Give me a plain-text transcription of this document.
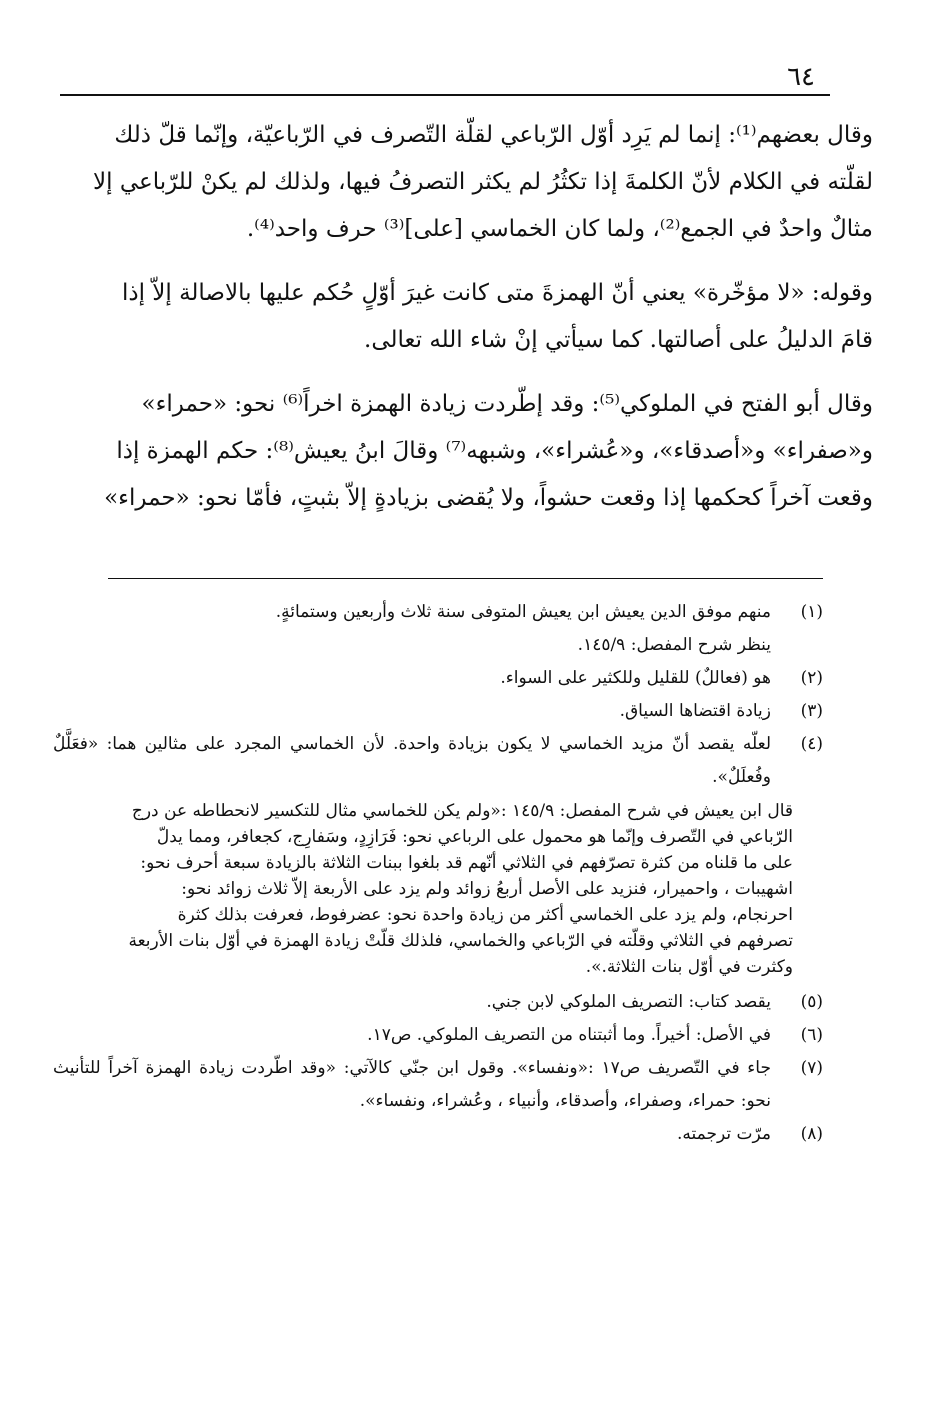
٦٤

وقال بعضهم⁽¹⁾: إنما لم يَرِد أوّل الرّباعي لقلّة التّصرف في الرّباعيّة، وإنّما قلّ ذلك
لقلّته في الكلام لأنّ الكلمةَ إذا تكثُرُ لم يكثر التصرفُ فيها، ولذلك لم يكنْ للرّباعي إلا
مثالٌ واحدٌ في الجمع⁽²⁾، ولما كان الخماسي [على]⁽³⁾ حرف واحد⁽⁴⁾.

وقوله: «لا مؤخّرة» يعني أنّ الهمزةَ متى كانت غيرَ أوّلٍ حُكم عليها بالاصالة إلاّ إذا
قامَ الدليلُ على أصالتها. كما سيأتي إنْ شاء الله تعالى.

وقال أبو الفتح في الملوكي⁽⁵⁾: وقد إطّردت زيادة الهمزة اخراً⁽⁶⁾ نحو: «حمراء»
و«صفراء» و«أصدقاء»، و«عُشراء»، وشبهه⁽⁷⁾ وقالَ ابنُ يعيش⁽⁸⁾: حكم الهمزة إذا
وقعت آخراً كحكمها إذا وقعت حشواً، ولا يُقضى بزيادةٍ إلاّ بثبتٍ، فأمّا نحو: «حمراء»

(١)
منهم موفق الدين يعيش ابن يعيش المتوفى سنة ثلاث وأربعين وستمائةٍ.
ينظر شرح المفصل: ١٤٥/٩.
(٢)
هو (فعاللٌ) للقليل وللكثير على السواء.
(٣)
زيادة اقتضاها السياق.
(٤)
لعلّه يقصد أنّ مزيد الخماسي لا يكون بزيادة واحدة. لأن الخماسي المجرد على مثالين هما: «فعَلَّلٌ وفُعلَلٌ».
قال ابن يعيش في شرح المفصل: ١٤٥/٩ :«ولم يكن للخماسي مثال للتكسير لانحطاطه عن درج
الرّباعي في التّصرف وإنّما هو محمول على الرباعي نحو: فَرَازِدٍ، وسَفارِج، كجعافر، ومما يدلّ
على ما قلناه من كثرة تصرّفهم في الثلاثي أنّهم قد بلغوا ببنات الثلاثة بالزيادة سبعة أحرف نحو:
اشهيبات ، واحميرار، فنزيد على الأصل أربعُ زوائد ولم يزد على الأربعة إلاّ ثلاث زوائد نحو:
احرنجام، ولم يزد على الخماسي أكثر من زيادة واحدة نحو: عضرفوط، فعرفت بذلك كثرة
تصرفهم في الثلاثي وقلّته في الرّباعي والخماسي، فلذلك قلّتْ زيادة الهمزة في أوّل بنات الأربعة
وكثرت في أوّل بنات الثلاثة.».
(٥)
يقصد كتاب: التصريف الملوكي لابن جني.
(٦)
في الأصل: أخيراً. وما أثبتناه من التصريف الملوكي. ص١٧.
(٧)
جاء في التّصريف ص١٧ :«ونفساء». وقول ابن جنّي كالآتي: «وقد اطّردت زيادة الهمزة آخراً للتأنيث نحو: حمراء، وصفراء، وأصدقاء، وأنبياء ، وعُشراء، ونفساء».
(٨)
مرّت ترجمته.
